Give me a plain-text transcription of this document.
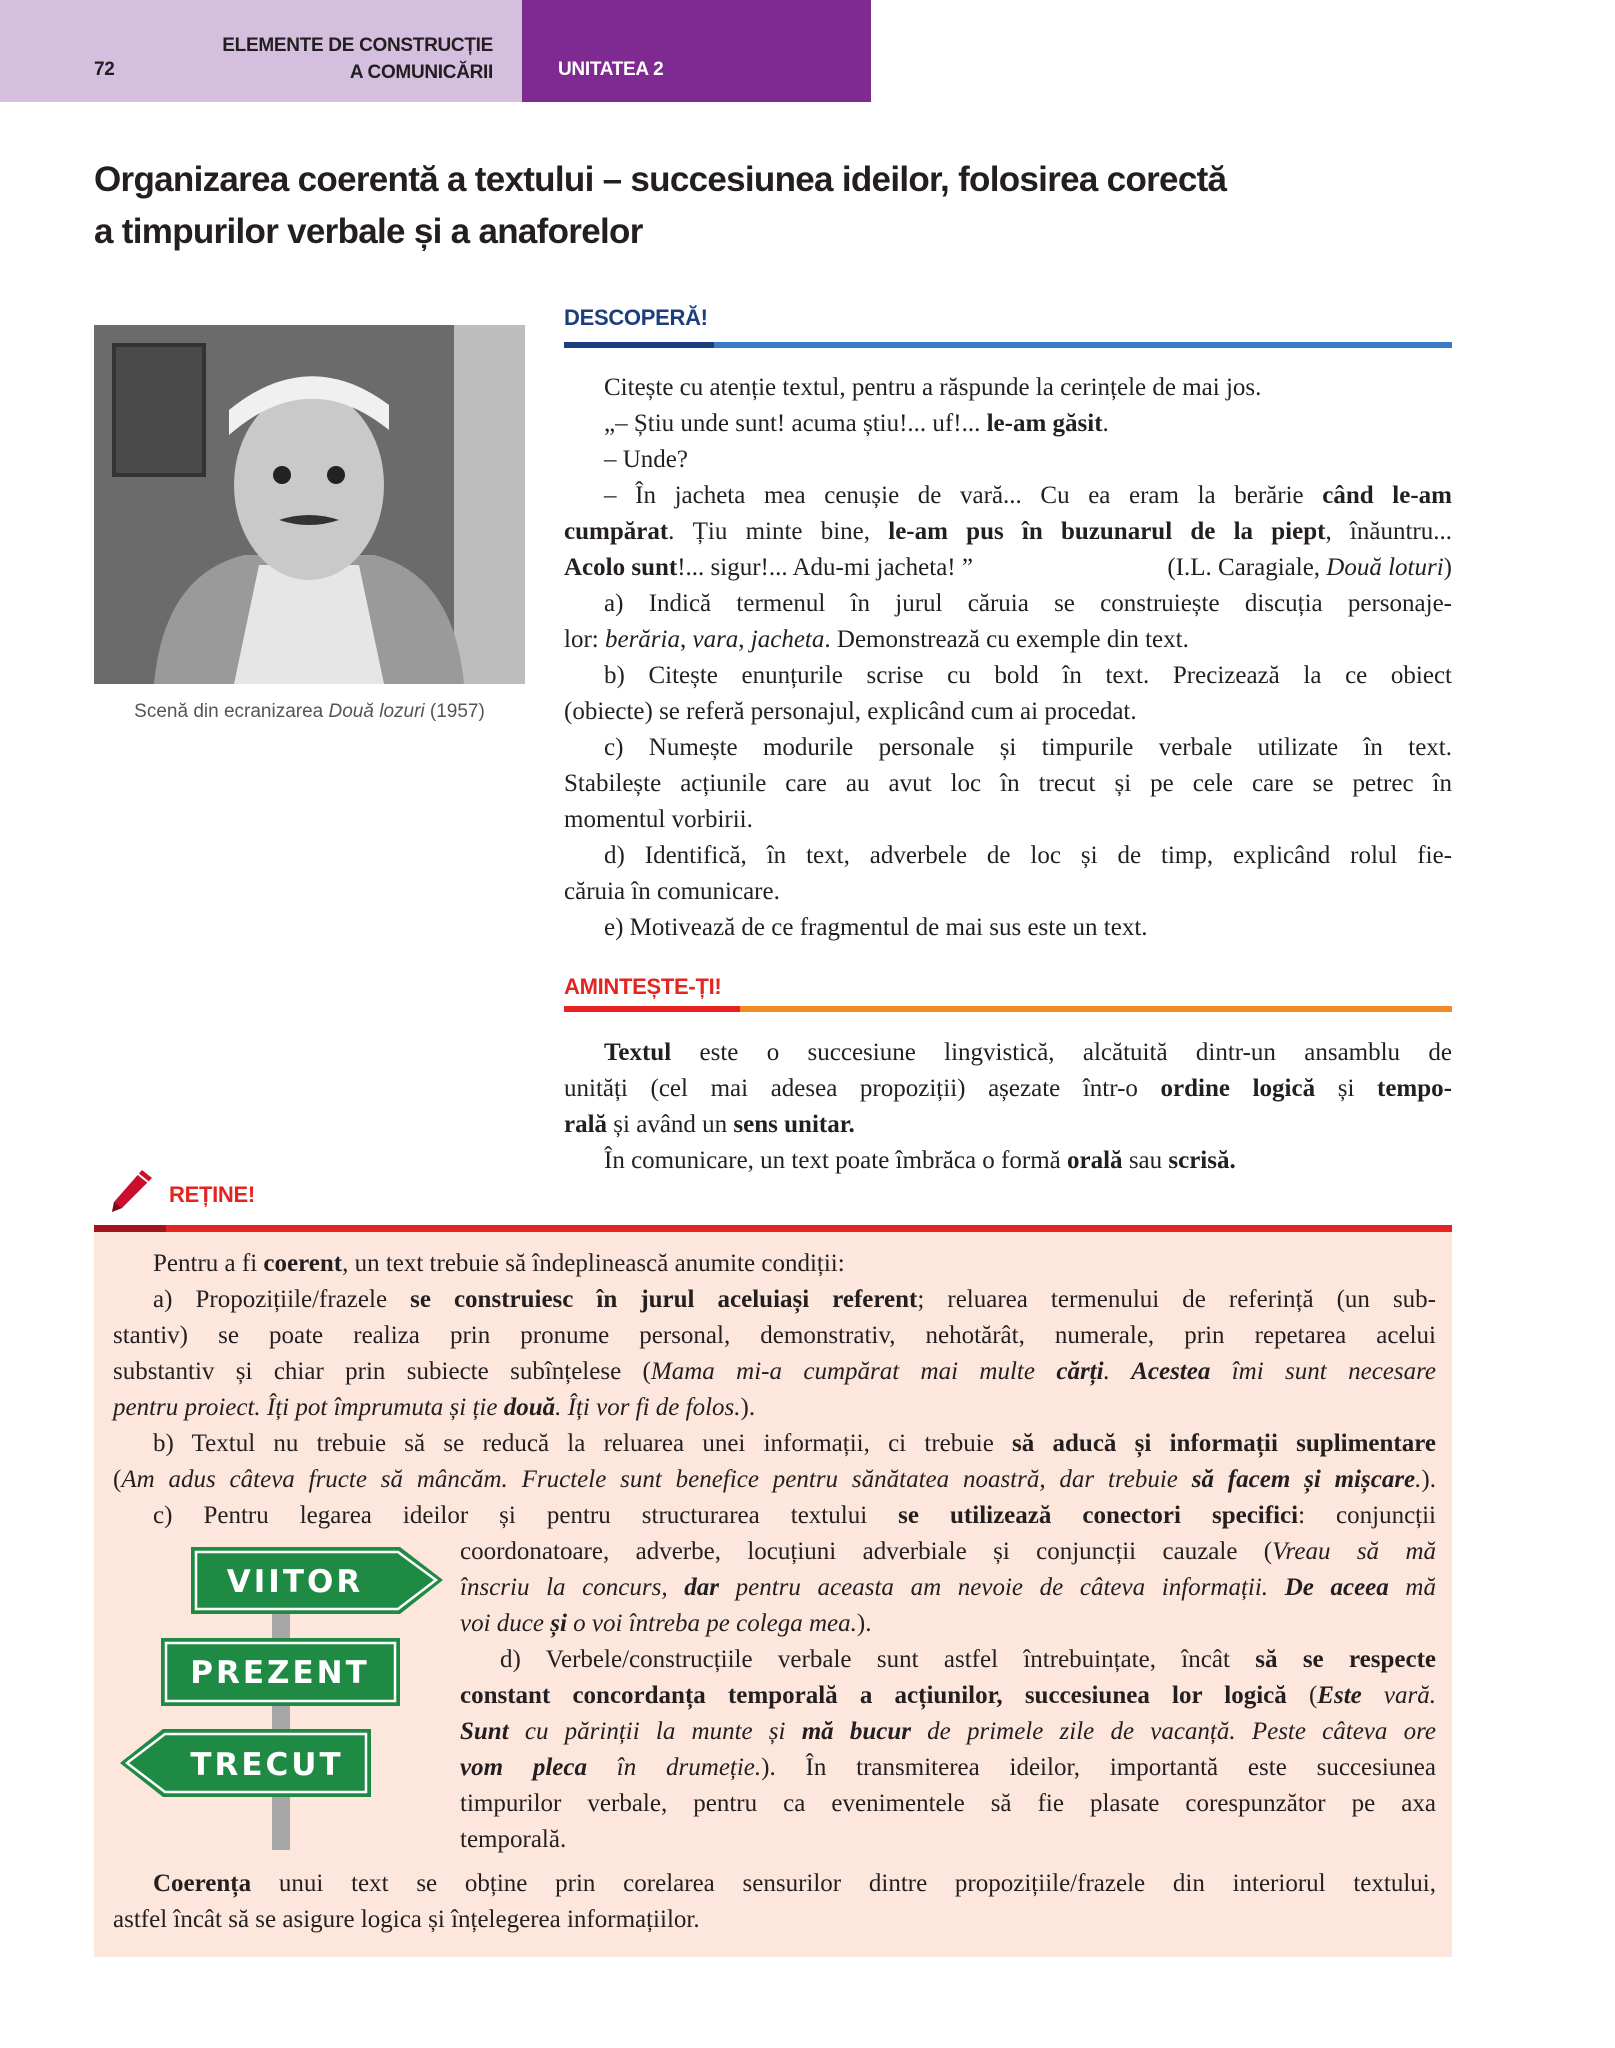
72
ELEMENTE DE CONSTRUCȚIE
A COMUNICĂRII	UNITATEA 2
Organizarea coerentă a textului – succesiunea ideilor, folosirea corectă
a timpurilor verbale și a anaforelor
Scenă din ecranizarea Două lozuri (1957)
DESCOPERĂ!
Citește cu atenție textul, pentru a răspunde la cerințele de mai jos.
„– Știu unde sunt! acuma știu!... uf!... le-am găsit.
– Unde?
– În jacheta mea cenușie de vară... Cu ea eram la berărie când le-am
cumpărat. Țiu minte bine, le-am pus în buzunarul de la piept, înăuntru...
(I.L. Caragiale, Două loturi)
Acolo sunt!... sigur!... Adu-mi jacheta! ”
a) Indică termenul în jurul căruia se construiește discuția personaje-
lor: berăria, vara, jacheta. Demonstrează cu exemple din text.
b) Citește enunțurile scrise cu bold în text. Precizează la ce obiect
(obiecte) se referă personajul, explicând cum ai procedat.
c) Numește modurile personale și timpurile verbale utilizate în text.
Stabilește acțiunile care au avut loc în trecut și pe cele care se petrec în
momentul vorbirii.
d) Identifică, în text, adverbele de loc și de timp, explicând rolul fie-
căruia în comunicare.
e) Motivează de ce fragmentul de mai sus este un text.
AMINTEȘTE-ȚI!
Textul este o succesiune lingvistică, alcătuită dintr-un ansamblu de
unități (cel mai adesea propoziții) așezate într-o ordine logică și tempo-
rală și având un sens unitar.
În comunicare, un text poate îmbrăca o formă orală sau scrisă.
REȚINE!
Pentru a fi coerent, un text trebuie să îndeplinească anumite condiții:
a) Propozițiile/frazele se construiesc în jurul aceluiași referent; reluarea termenului de referință (un sub-
stantiv) se poate realiza prin pronume personal, demonstrativ, nehotărât, numerale, prin repetarea acelui
substantiv și chiar prin subiecte subînțelese (Mama mi-a cumpărat mai multe cărți. Acestea îmi sunt necesare
pentru proiect. Îți pot împrumuta și ție două. Îți vor fi de folos.).
b) Textul nu trebuie să se reducă la reluarea unei informații, ci trebuie să aducă și informații suplimentare
(Am adus câteva fructe să mâncăm. Fructele sunt benefice pentru sănătatea noastră, dar trebuie să facem și mișcare.).
c) Pentru legarea ideilor și pentru structurarea textului se utilizează conectori specifici: conjuncții
coordonatoare, adverbe, locuțiuni adverbiale și conjuncții cauzale (Vreau să mă
înscriu la concurs, dar pentru aceasta am nevoie de câteva informații. De aceea mă
voi duce și o voi întreba pe colega mea.).
d) Verbele/construcțiile verbale sunt astfel întrebuințate, încât să se respecte
constant concordanța temporală a acțiunilor, succesiunea lor logică (Este vară.
Sunt cu părinții la munte și mă bucur de primele zile de vacanță. Peste câteva ore
vom pleca în drumeție.). În transmiterea ideilor, importantă este succesiunea
timpurilor verbale, pentru ca evenimentele să fie plasate corespunzător pe axa
temporală.
Coerența unui text se obține prin corelarea sensurilor dintre propozițiile/frazele din interiorul textului,
astfel încât să se asigure logica și înțelegerea informațiilor.
VIITOR
PREZENT
TRECUT
